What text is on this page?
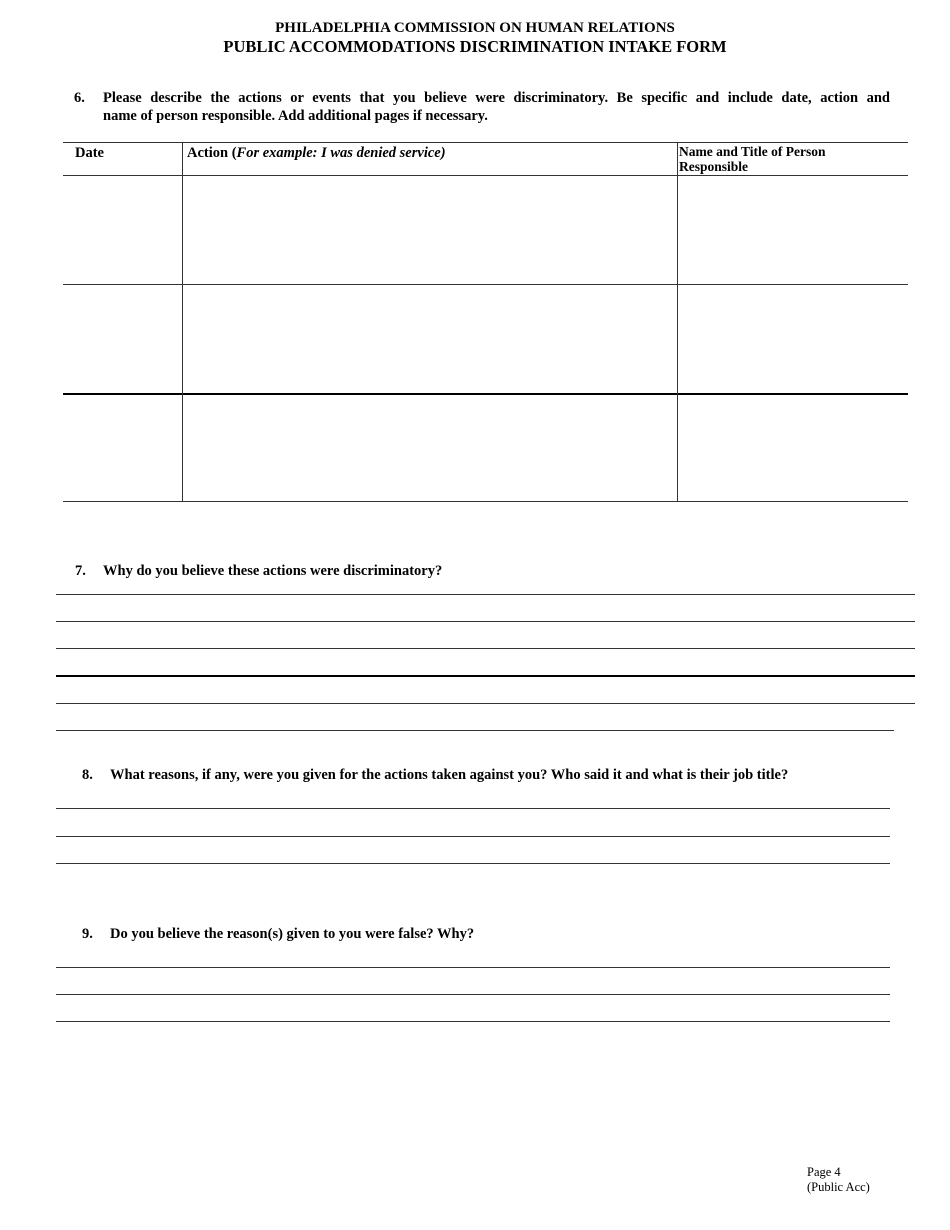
PHILADELPHIA COMMISSION ON HUMAN RELATIONS
PUBLIC ACCOMMODATIONS DISCRIMINATION INTAKE FORM
6. Please describe the actions or events that you believe were discriminatory. Be specific and include date, action and
name of person responsible. Add additional pages if necessary.
Date	Action (For example: I was denied service)	Name and Title of Person
Responsible
7. Why do you believe these actions were discriminatory?
8. What reasons, if any, were you given for the actions taken against you? Who said it and what is their job title?
9. Do you believe the reason(s) given to you were false? Why?
Page 4
(Public Acc)
